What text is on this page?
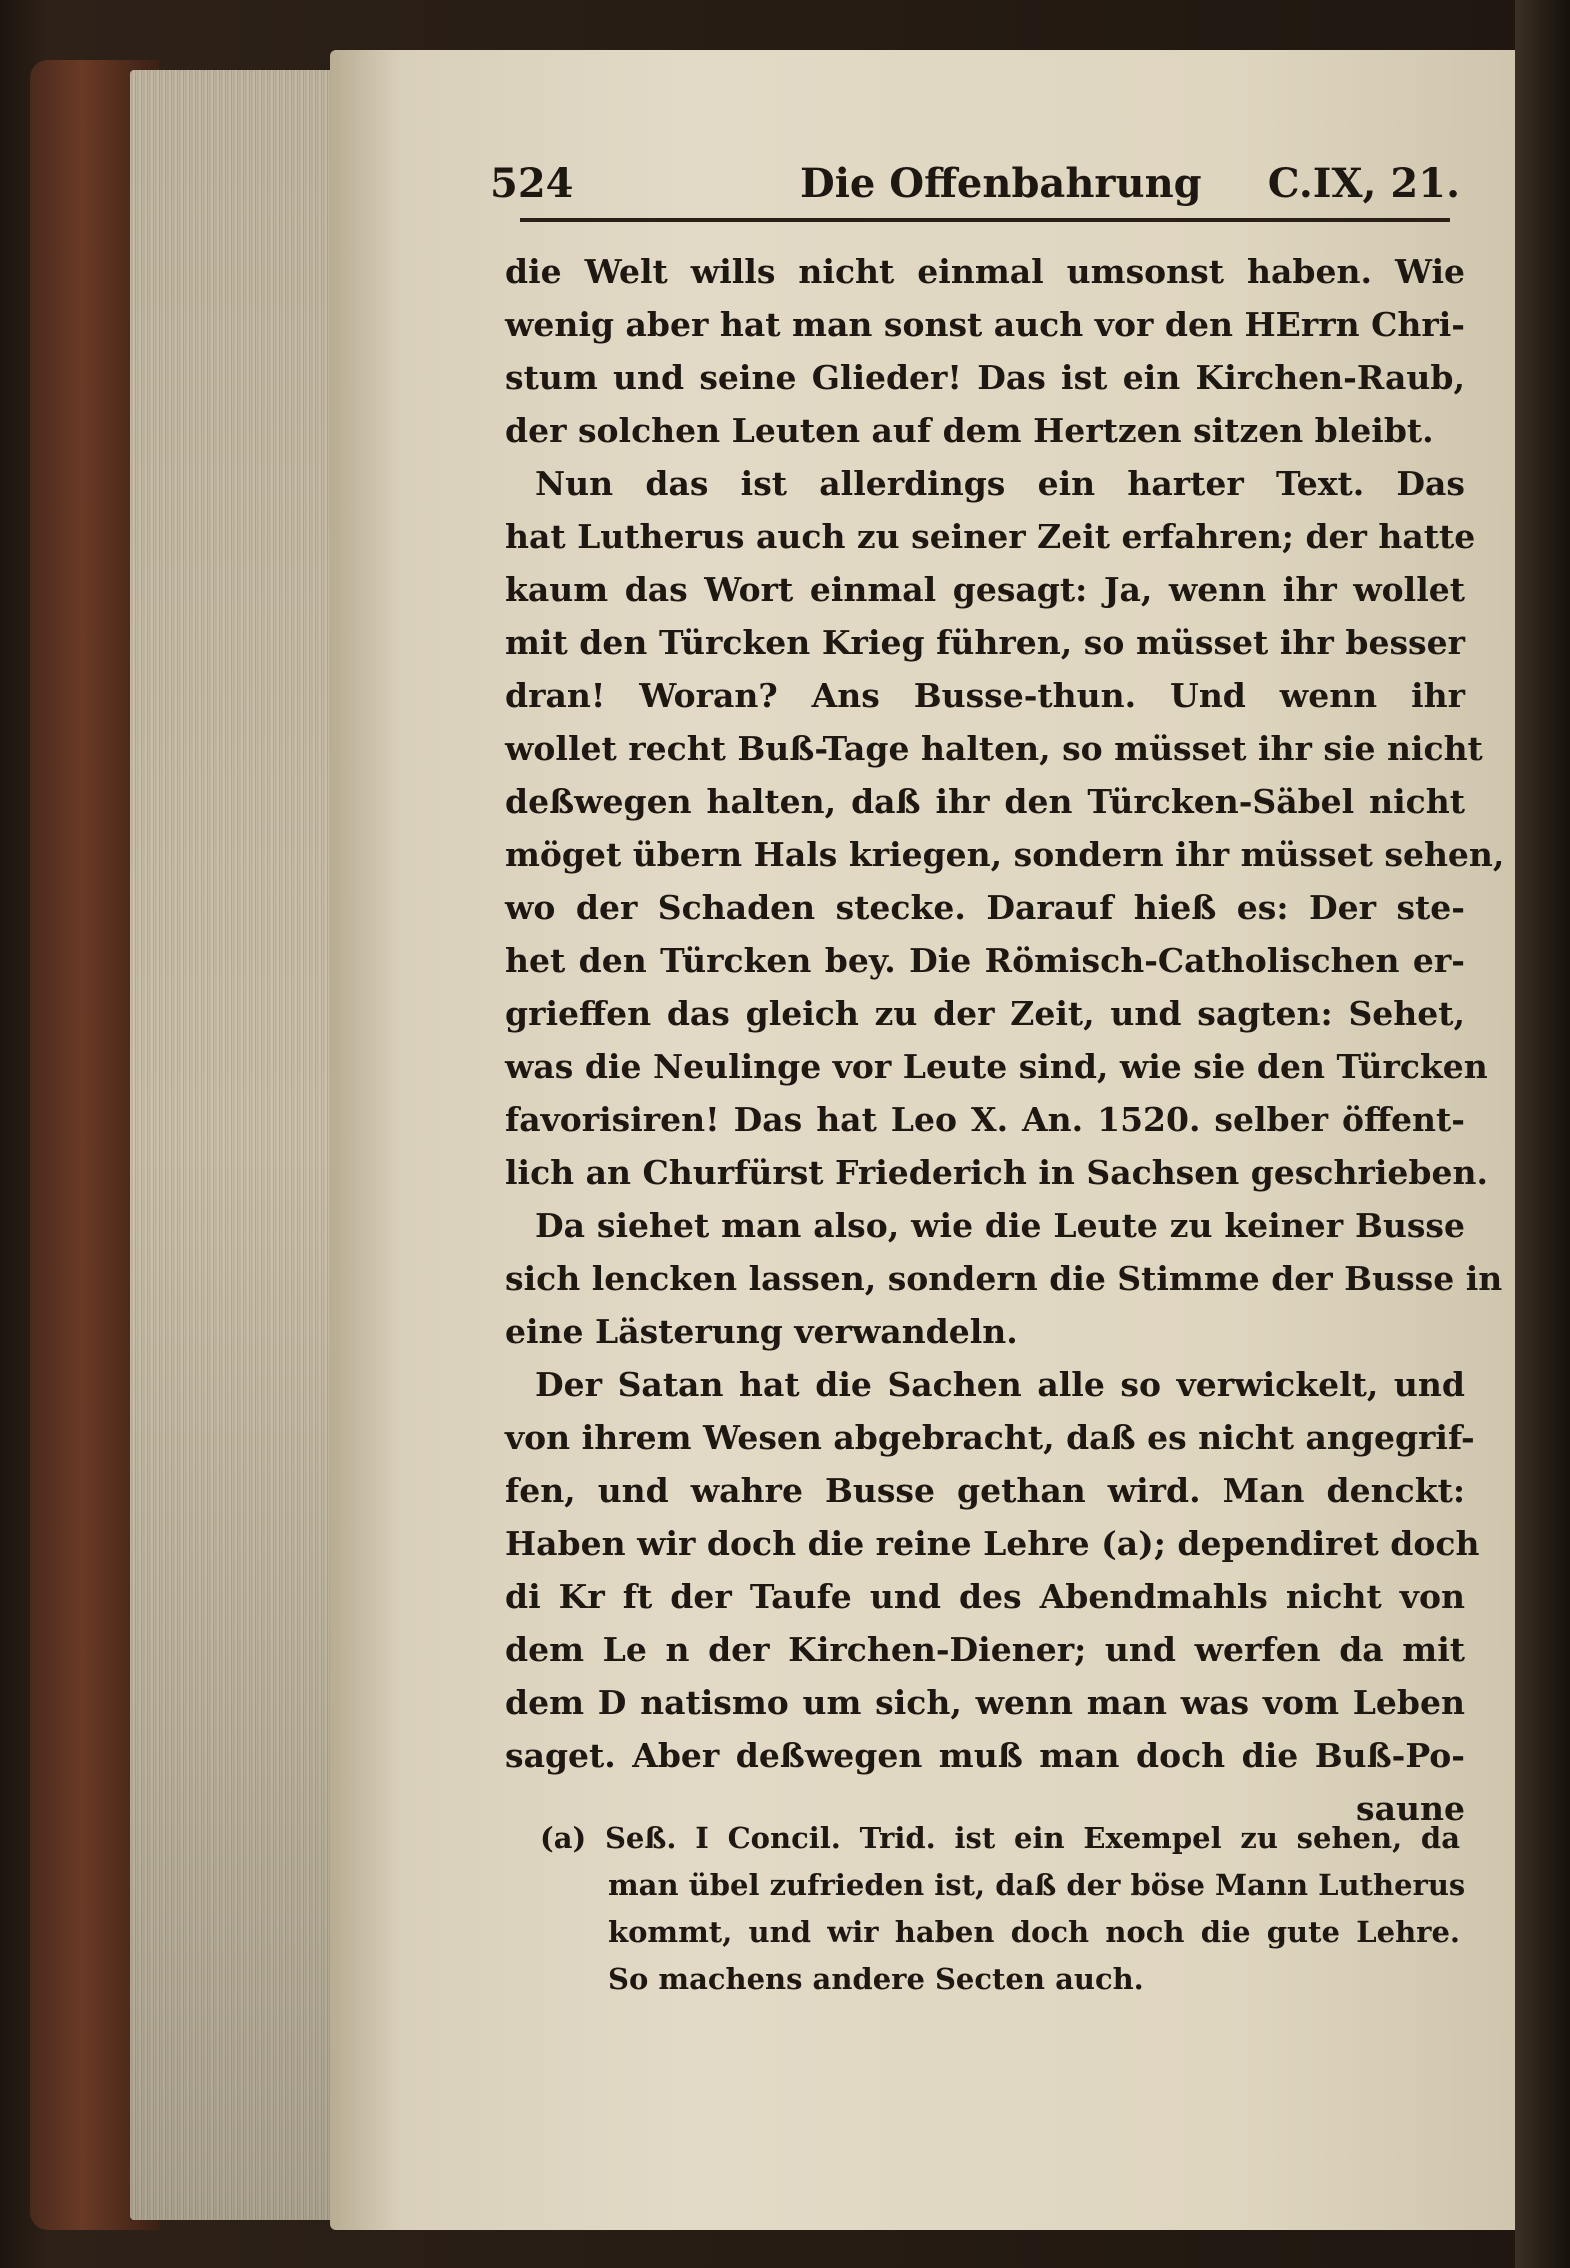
524	Die Offenbahrung C.IX, 21.
die Welt wills nicht einmal umsonst haben. Wie
wenig aber hat man sonst auch vor den HErrn Chri-
stum und seine Glieder! Das ist ein Kirchen-Raub,
der solchen Leuten auf dem Hertzen sitzen bleibt.
Nun das ist allerdings ein harter Text. Das
hat Lutherus auch zu seiner Zeit erfahren; der hatte
kaum das Wort einmal gesagt: Ja, wenn ihr wollet
mit den Türcken Krieg führen, so müsset ihr besser
dran! Woran? Ans Busse-thun. Und wenn ihr
wollet recht Buß-Tage halten, so müsset ihr sie nicht
deßwegen halten, daß ihr den Türcken-Säbel nicht
möget übern Hals kriegen, sondern ihr müsset sehen,
wo der Schaden stecke. Darauf hieß es: Der ste-
het den Türcken bey. Die Römisch-Catholischen er-
grieffen das gleich zu der Zeit, und sagten: Sehet,
was die Neulinge vor Leute sind, wie sie den Türcken
favorisiren! Das hat Leo X. An. 1520. selber öffent-
lich an Churfürst Friederich in Sachsen geschrieben.
Da siehet man also, wie die Leute zu keiner Busse
sich lencken lassen, sondern die Stimme der Busse in
eine Lästerung verwandeln.
Der Satan hat die Sachen alle so verwickelt, und
von ihrem Wesen abgebracht, daß es nicht angegrif-
fen, und wahre Busse gethan wird. Man denckt:
Haben wir doch die reine Lehre (a); dependiret doch
di Kr ft der Taufe und des Abendmahls nicht von
dem Le n der Kirchen-Diener; und werfen da mit
dem D natismo um sich, wenn man was vom Leben
saget. Aber deßwegen muß man doch die Buß-Po-
saune
(a) Seß. I Concil. Trid. ist ein Exempel zu sehen, da
man übel zufrieden ist, daß der böse Mann Lutherus
kommt, und wir haben doch noch die gute Lehre.
So machens andere Secten auch.
